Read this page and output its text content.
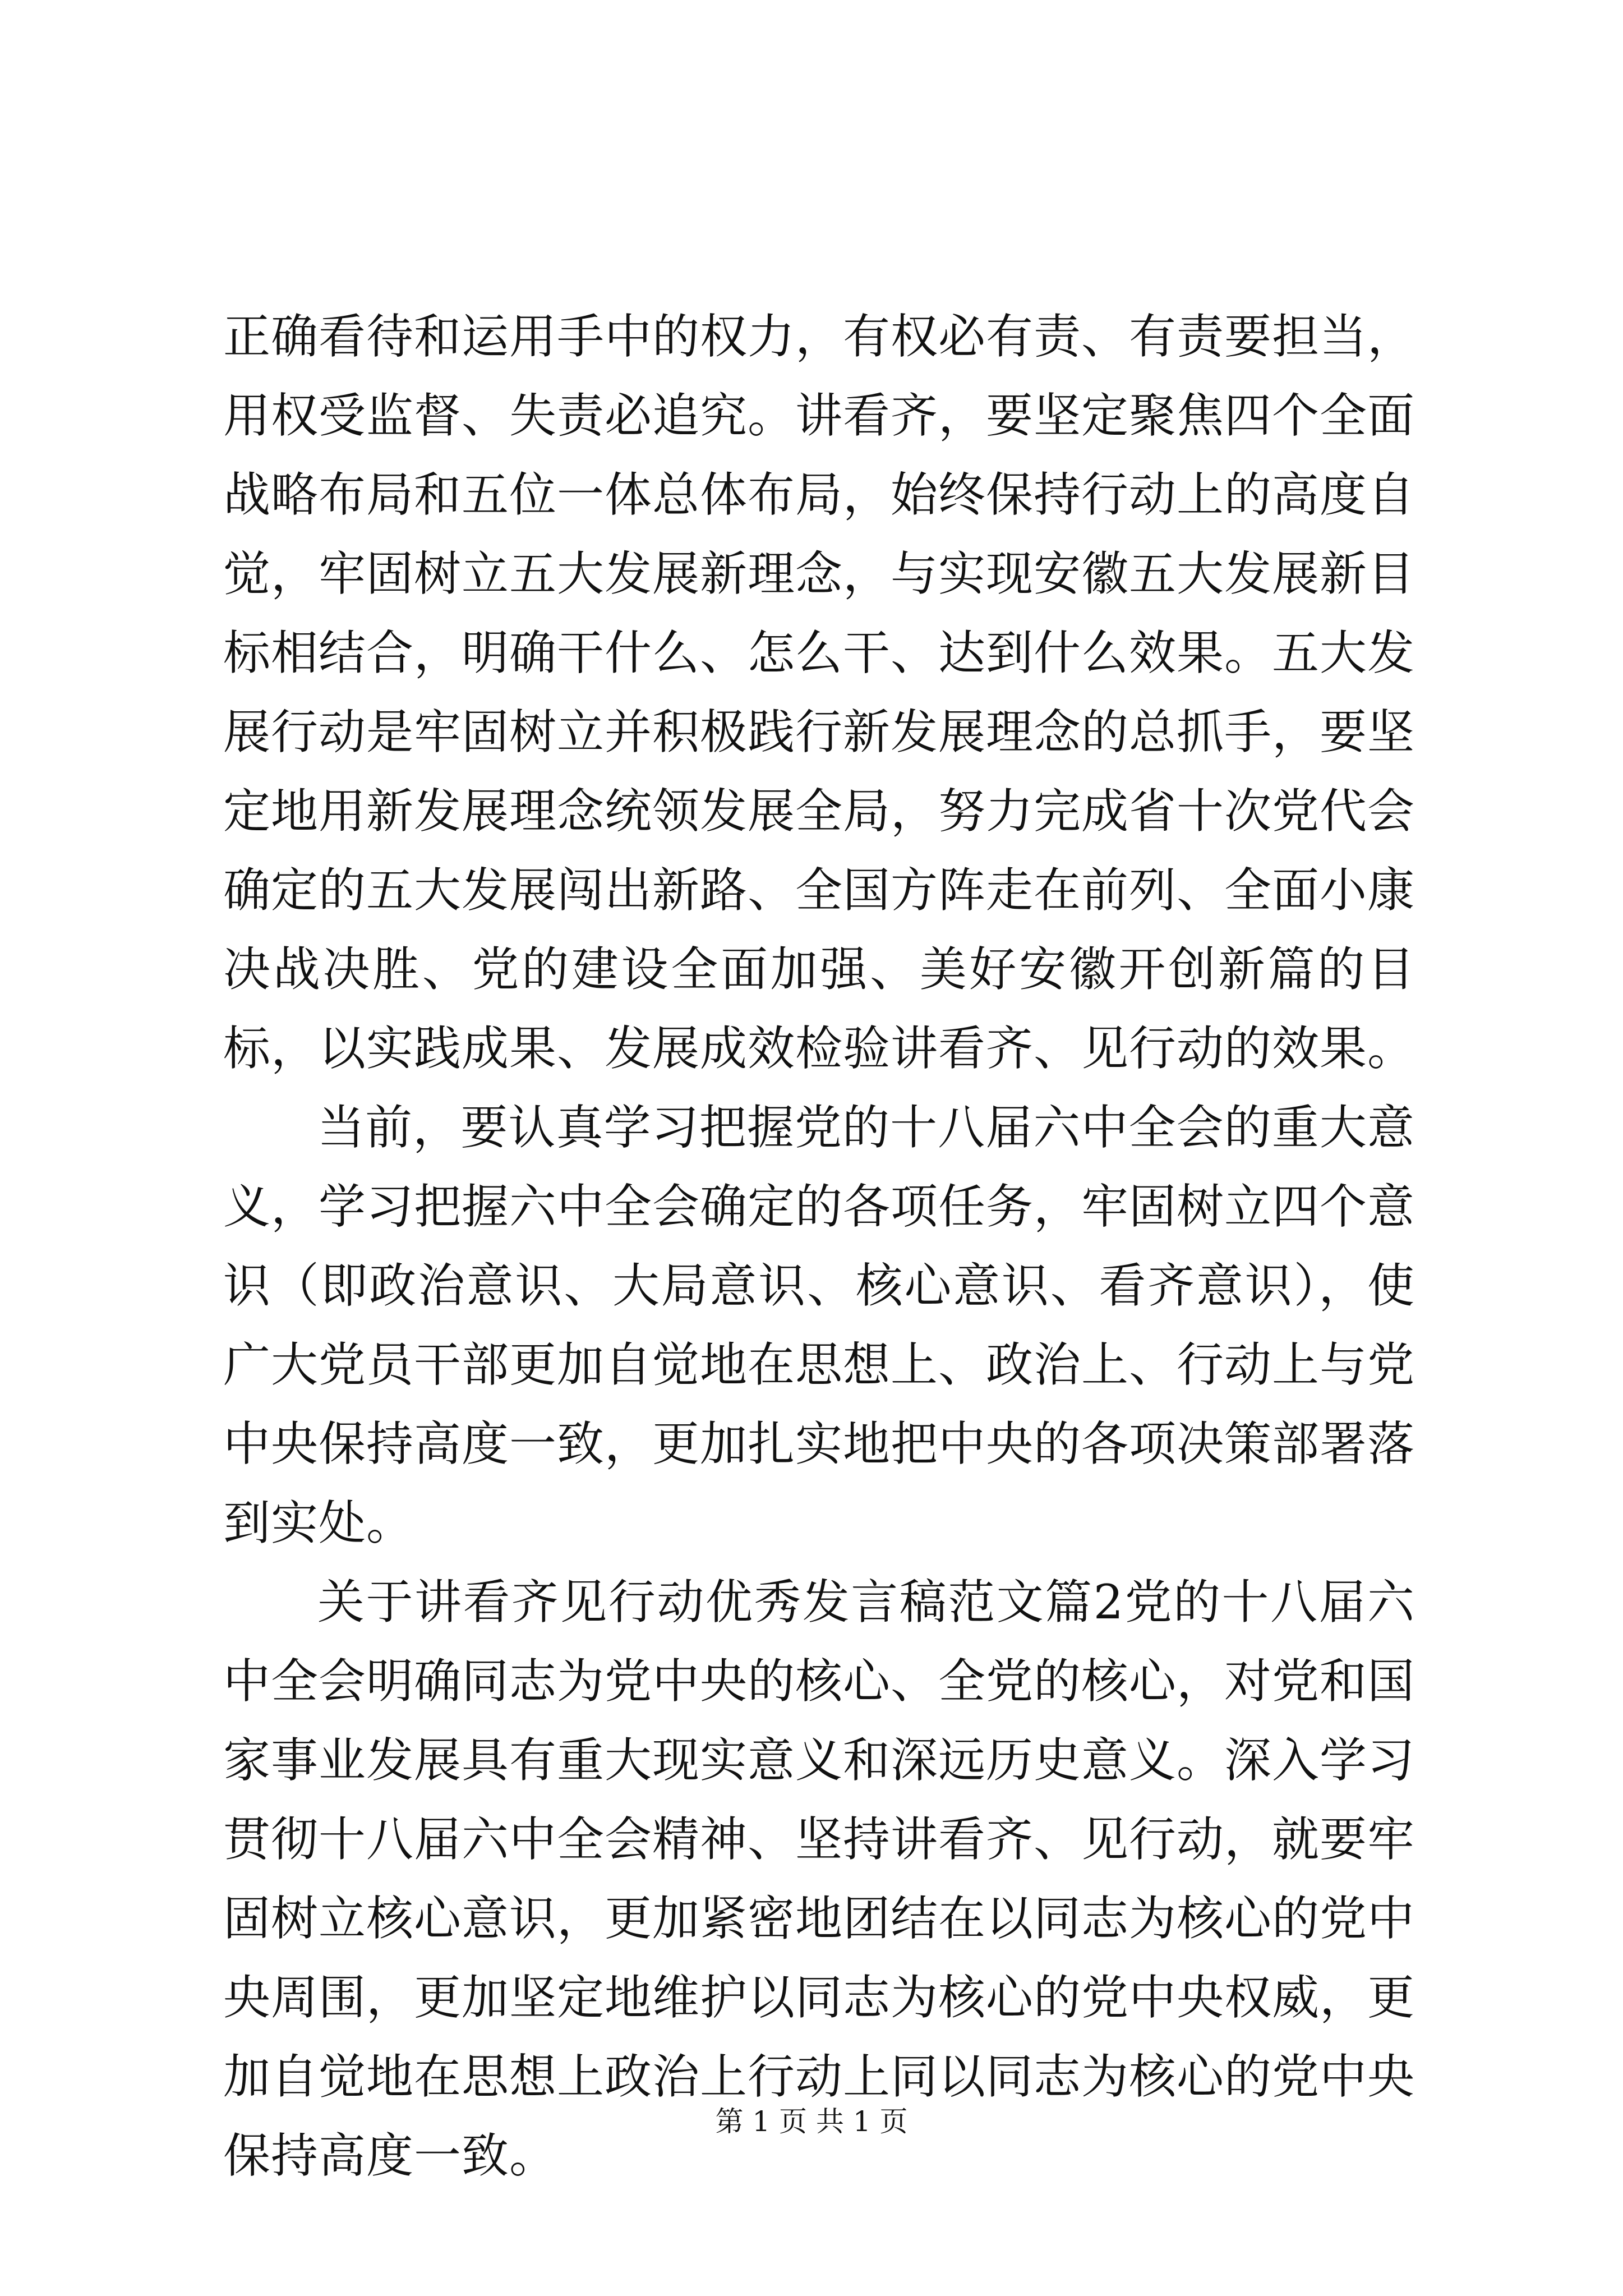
正确看待和运用手中的权力，有权必有责、有责要担当，用权受监督、失责必追究。讲看齐，要坚定聚焦四个全面战略布局和五位一体总体布局，始终保持行动上的高度自觉，牢固树立五大发展新理念，与实现安徽五大发展新目标相结合，明确干什么、怎么干、达到什么效果。五大发展行动是牢固树立并积极践行新发展理念的总抓手，要坚定地用新发展理念统领发展全局，努力完成省十次党代会确定的五大发展闯出新路、全国方阵走在前列、全面小康决战决胜、党的建设全面加强、美好安徽开创新篇的目标，以实践成果、发展成效检验讲看齐、见行动的效果。

当前，要认真学习把握党的十八届六中全会的重大意义，学习把握六中全会确定的各项任务，牢固树立四个意识（即政治意识、大局意识、核心意识、看齐意识），使广大党员干部更加自觉地在思想上、政治上、行动上与党中央保持高度一致，更加扎实地把中央的各项决策部署落到实处。

关于讲看齐见行动优秀发言稿范文篇2党的十八届六中全会明确同志为党中央的核心、全党的核心，对党和国家事业发展具有重大现实意义和深远历史意义。深入学习贯彻十八届六中全会精神、坚持讲看齐、见行动，就要牢固树立核心意识，更加紧密地团结在以同志为核心的党中央周围，更加坚定地维护以同志为核心的党中央权威，更加自觉地在思想上政治上行动上同以同志为核心的党中央保持高度一致。

第 1 页 共 1 页
